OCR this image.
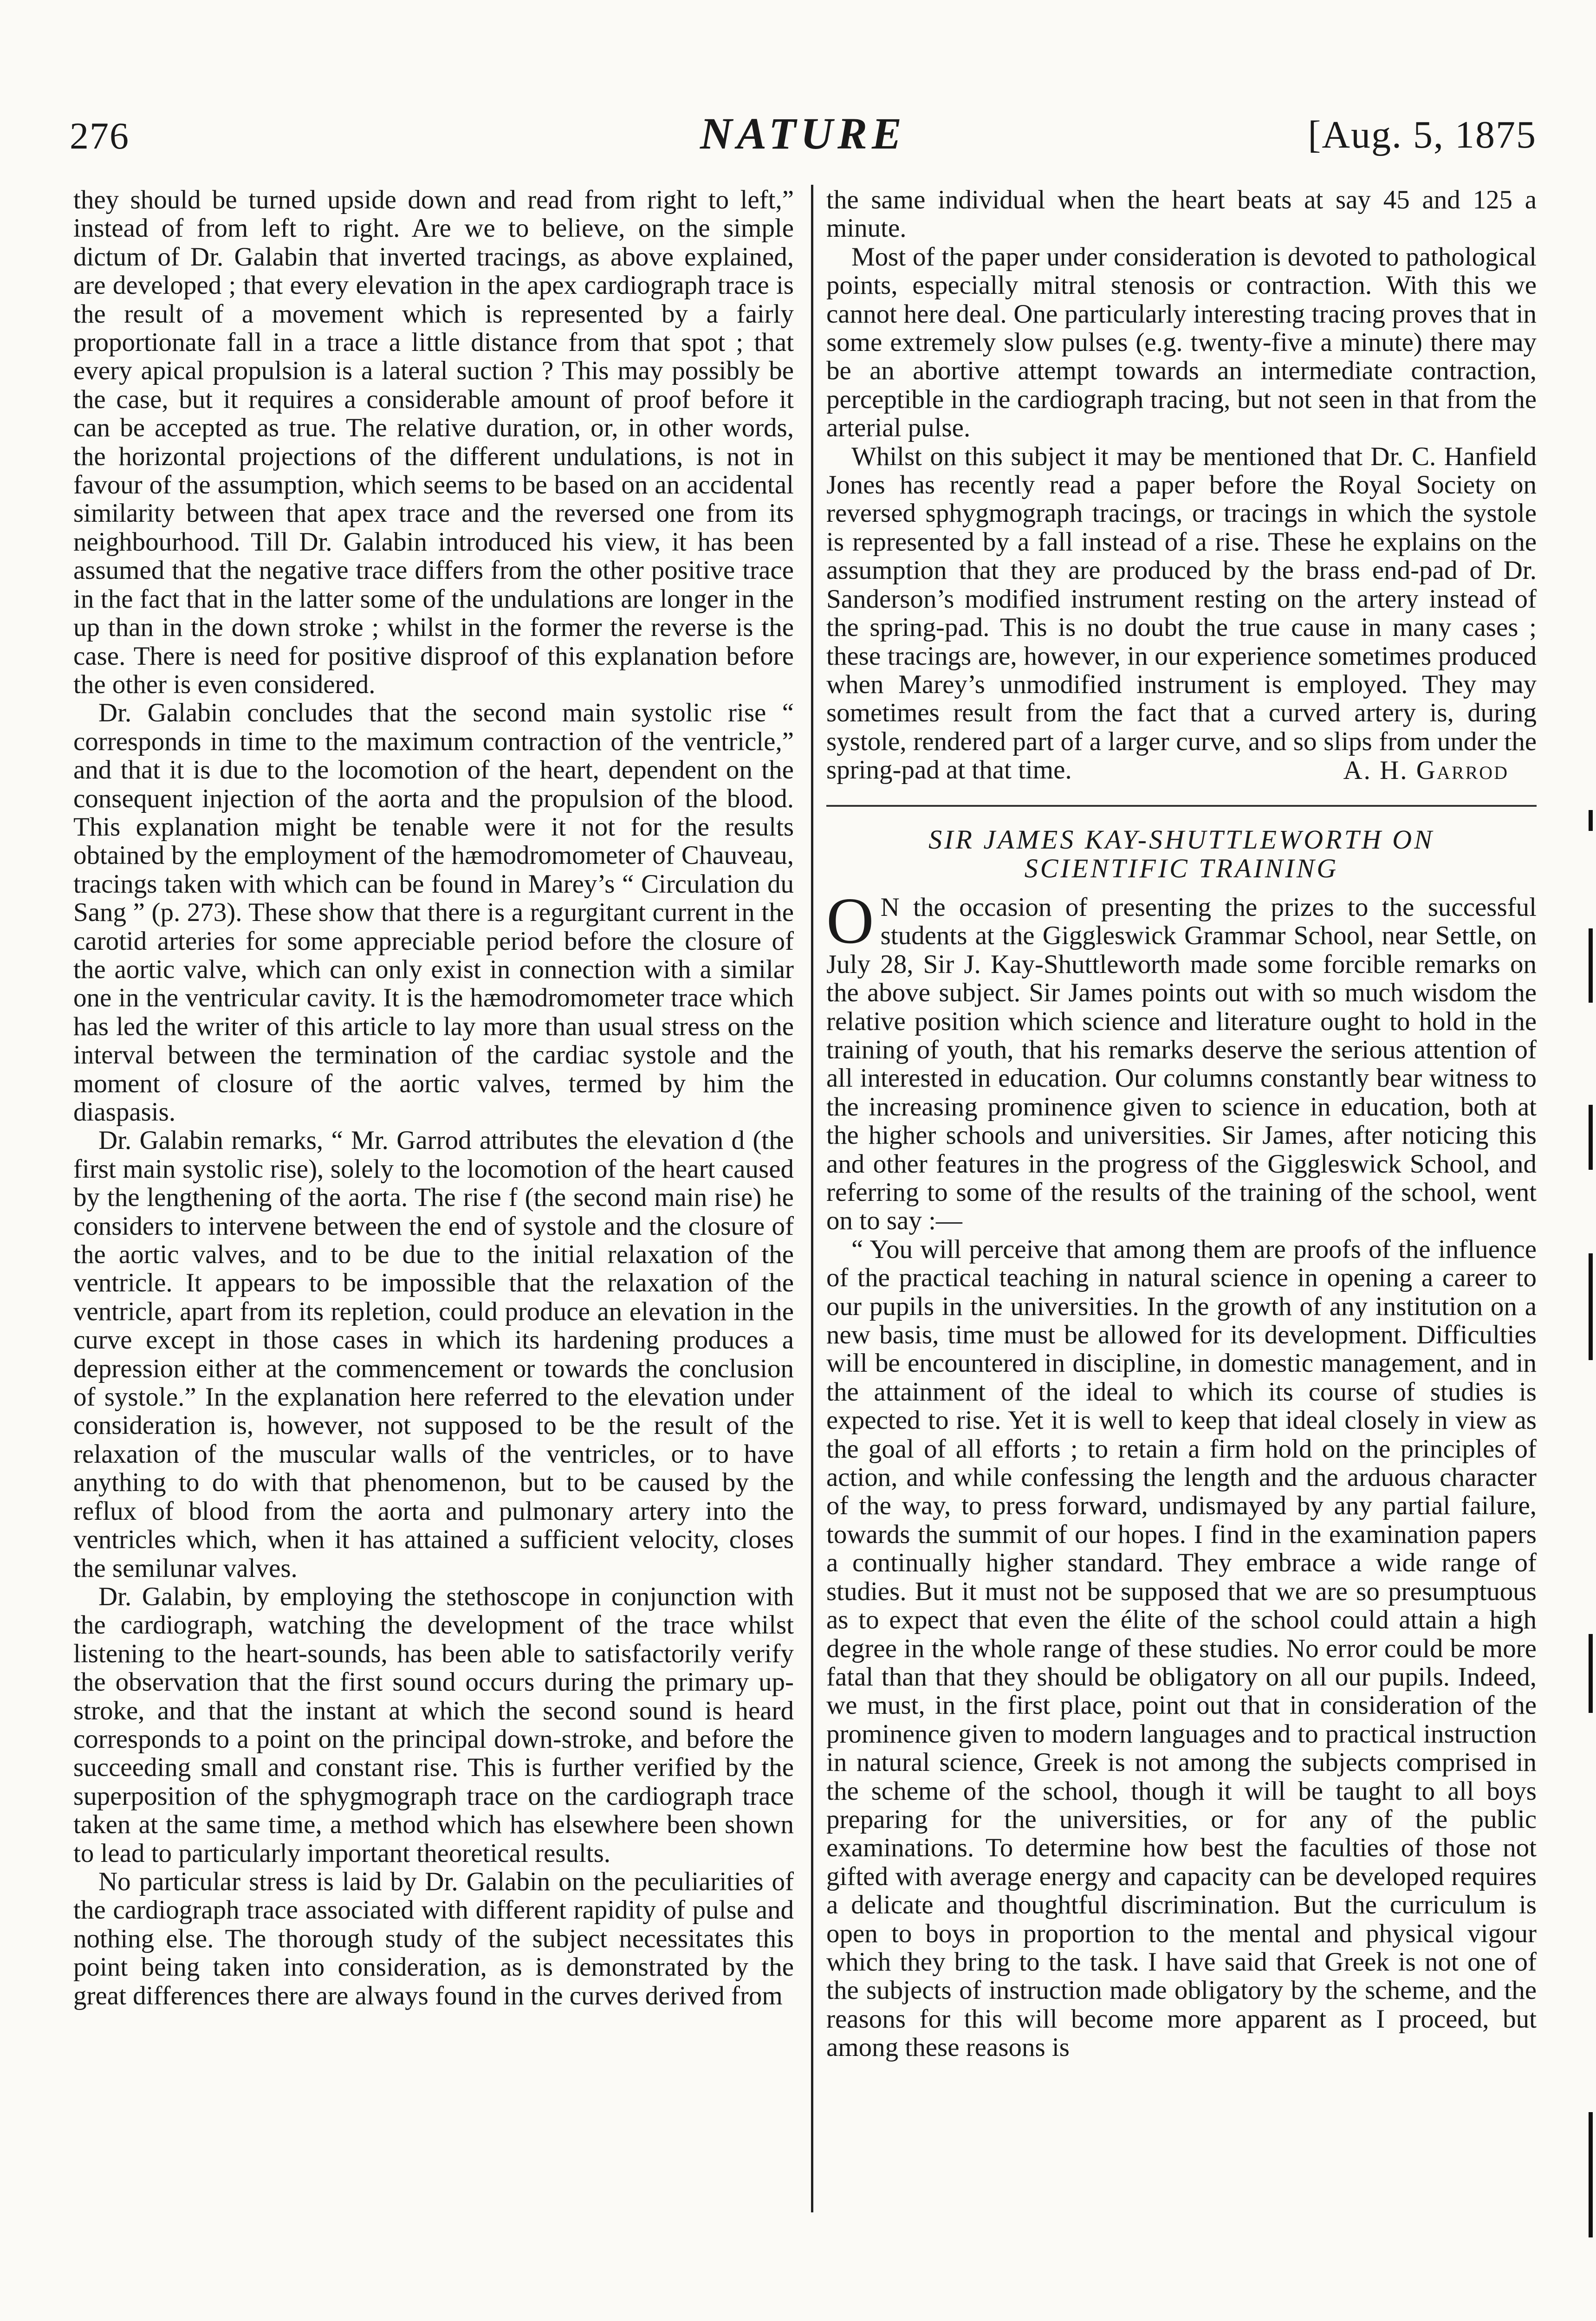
276	NATURE	[Aug. 5, 1875

they should be turned upside down and read from right to left,” instead of from left to right. Are we to believe, on the simple dictum of Dr. Galabin that inverted tracings, as above explained, are developed ; that every elevation in the apex cardiograph trace is the result of a movement which is represented by a fairly proportionate fall in a trace a little distance from that spot ; that every apical propulsion is a lateral suction ? This may possibly be the case, but it requires a considerable amount of proof before it can be accepted as true. The relative duration, or, in other words, the horizontal projections of the different undulations, is not in favour of the assumption, which seems to be based on an accidental similarity between that apex trace and the reversed one from its neighbourhood. Till Dr. Galabin introduced his view, it has been assumed that the negative trace differs from the other positive trace in the fact that in the latter some of the undulations are longer in the up than in the down stroke ; whilst in the former the reverse is the case. There is need for positive disproof of this explanation before the other is even considered.

Dr. Galabin concludes that the second main systolic rise “ corresponds in time to the maximum contraction of the ventricle,” and that it is due to the locomotion of the heart, dependent on the consequent injection of the aorta and the propulsion of the blood. This explanation might be tenable were it not for the results obtained by the employment of the hæmodromometer of Chauveau, tracings taken with which can be found in Marey’s “ Circulation du Sang ” (p. 273). These show that there is a regurgitant current in the carotid arteries for some appreciable period before the closure of the aortic valve, which can only exist in connection with a similar one in the ventricular cavity. It is the hæmodromometer trace which has led the writer of this article to lay more than usual stress on the interval between the termination of the cardiac systole and the moment of closure of the aortic valves, termed by him the diaspasis.

Dr. Galabin remarks, “ Mr. Garrod attributes the elevation d (the first main systolic rise), solely to the locomotion of the heart caused by the lengthening of the aorta. The rise f (the second main rise) he considers to intervene between the end of systole and the closure of the aortic valves, and to be due to the initial relaxation of the ventricle. It appears to be impossible that the relaxation of the ventricle, apart from its repletion, could produce an elevation in the curve except in those cases in which its hardening produces a depression either at the commencement or towards the conclusion of systole.” In the explanation here referred to the elevation under consideration is, however, not supposed to be the result of the relaxation of the muscular walls of the ventricles, or to have anything to do with that phenomenon, but to be caused by the reflux of blood from the aorta and pulmonary artery into the ventricles which, when it has attained a sufficient velocity, closes the semilunar valves.

Dr. Galabin, by employing the stethoscope in conjunction with the cardiograph, watching the development of the trace whilst listening to the heart-sounds, has been able to satisfactorily verify the observation that the first sound occurs during the primary up-stroke, and that the instant at which the second sound is heard corresponds to a point on the principal down-stroke, and before the succeeding small and constant rise. This is further verified by the superposition of the sphygmograph trace on the cardiograph trace taken at the same time, a method which has elsewhere been shown to lead to particularly important theoretical results.

No particular stress is laid by Dr. Galabin on the peculiarities of the cardiograph trace associated with different rapidity of pulse and nothing else. The thorough study of the subject necessitates this point being taken into consideration, as is demonstrated by the great differences there are always found in the curves derived from

the same individual when the heart beats at say 45 and 125 a minute.

Most of the paper under consideration is devoted to pathological points, especially mitral stenosis or contraction. With this we cannot here deal. One particularly interesting tracing proves that in some extremely slow pulses (e.g. twenty-five a minute) there may be an abortive attempt towards an intermediate contraction, perceptible in the cardiograph tracing, but not seen in that from the arterial pulse.

Whilst on this subject it may be mentioned that Dr. C. Hanfield Jones has recently read a paper before the Royal Society on reversed sphygmograph tracings, or tracings in which the systole is represented by a fall instead of a rise. These he explains on the assumption that they are produced by the brass end-pad of Dr. Sanderson’s modified instrument resting on the artery instead of the spring-pad. This is no doubt the true cause in many cases ; these tracings are, however, in our experience sometimes produced when Marey’s unmodified instrument is employed. They may sometimes result from the fact that a curved artery is, during systole, rendered part of a larger curve, and so slips from under the spring-pad at that time.	A. H. Garrod
SIR JAMES KAY-SHUTTLEWORTH ON
SCIENTIFIC TRAINING

O N the occasion of presenting the prizes to the successful students at the Giggleswick Grammar School, near Settle, on July 28, Sir J. Kay-Shuttleworth made some forcible remarks on the above subject. Sir James points out with so much wisdom the relative position which science and literature ought to hold in the training of youth, that his remarks deserve the serious attention of all interested in education. Our columns constantly bear witness to the increasing prominence given to science in education, both at the higher schools and universities. Sir James, after noticing this and other features in the progress of the Giggleswick School, and referring to some of the results of the training of the school, went on to say :—

“ You will perceive that among them are proofs of the influence of the practical teaching in natural science in opening a career to our pupils in the universities. In the growth of any institution on a new basis, time must be allowed for its development. Difficulties will be encountered in discipline, in domestic management, and in the attainment of the ideal to which its course of studies is expected to rise. Yet it is well to keep that ideal closely in view as the goal of all efforts ; to retain a firm hold on the principles of action, and while confessing the length and the arduous character of the way, to press forward, undismayed by any partial failure, towards the summit of our hopes. I find in the examination papers a continually higher standard. They embrace a wide range of studies. But it must not be supposed that we are so presumptuous as to expect that even the élite of the school could attain a high degree in the whole range of these studies. No error could be more fatal than that they should be obligatory on all our pupils. Indeed, we must, in the first place, point out that in consideration of the prominence given to modern languages and to practical instruction in natural science, Greek is not among the subjects comprised in the scheme of the school, though it will be taught to all boys preparing for the universities, or for any of the public examinations. To determine how best the faculties of those not gifted with average energy and capacity can be developed requires a delicate and thoughtful discrimination. But the curriculum is open to boys in proportion to the mental and physical vigour which they bring to the task. I have said that Greek is not one of the subjects of instruction made obligatory by the scheme, and the reasons for this will become more apparent as I proceed, but among these reasons is
